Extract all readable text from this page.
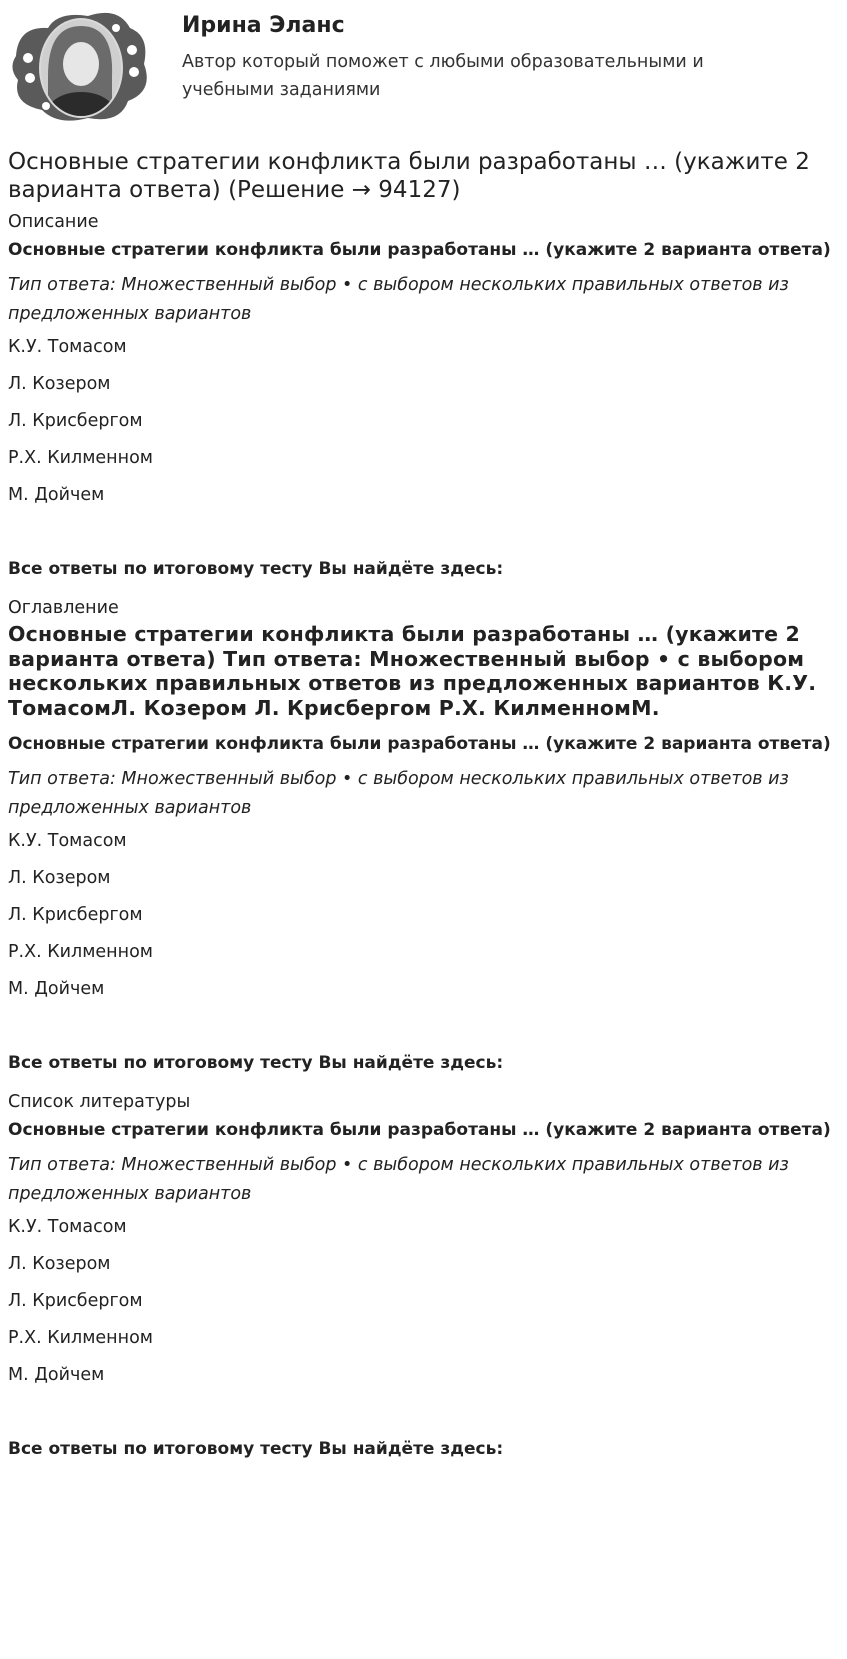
Ирина Эланс
Автор который поможет с любыми образовательными и учебными заданиями
Основные стратегии конфликта были разработаны … (укажите 2 варианта ответа) (Решение → 94127)
Описание
Основные стратегии конфликта были разработаны … (укажите 2 варианта ответа)
Тип ответа: Множественный выбор • с выбором нескольких правильных ответов из предложенных вариантов
К.У. Томасом
Л. Козером
Л. Крисбергом
Р.Х. Килменном
М. Дойчем
Все ответы по итоговому тесту Вы найдёте здесь:
Оглавление
Основные стратегии конфликта были разработаны … (укажите 2 варианта ответа) Тип ответа: Множественный выбор • с выбором нескольких правильных ответов из предложенных вариантов К.У. ТомасомЛ. Козером Л. Крисбергом Р.Х. КилменномМ.
Основные стратегии конфликта были разработаны … (укажите 2 варианта ответа)
Тип ответа: Множественный выбор • с выбором нескольких правильных ответов из предложенных вариантов
К.У. Томасом
Л. Козером
Л. Крисбергом
Р.Х. Килменном
М. Дойчем
Все ответы по итоговому тесту Вы найдёте здесь:
Список литературы
Основные стратегии конфликта были разработаны … (укажите 2 варианта ответа)
Тип ответа: Множественный выбор • с выбором нескольких правильных ответов из предложенных вариантов
К.У. Томасом
Л. Козером
Л. Крисбергом
Р.Х. Килменном
М. Дойчем
Все ответы по итоговому тесту Вы найдёте здесь:
